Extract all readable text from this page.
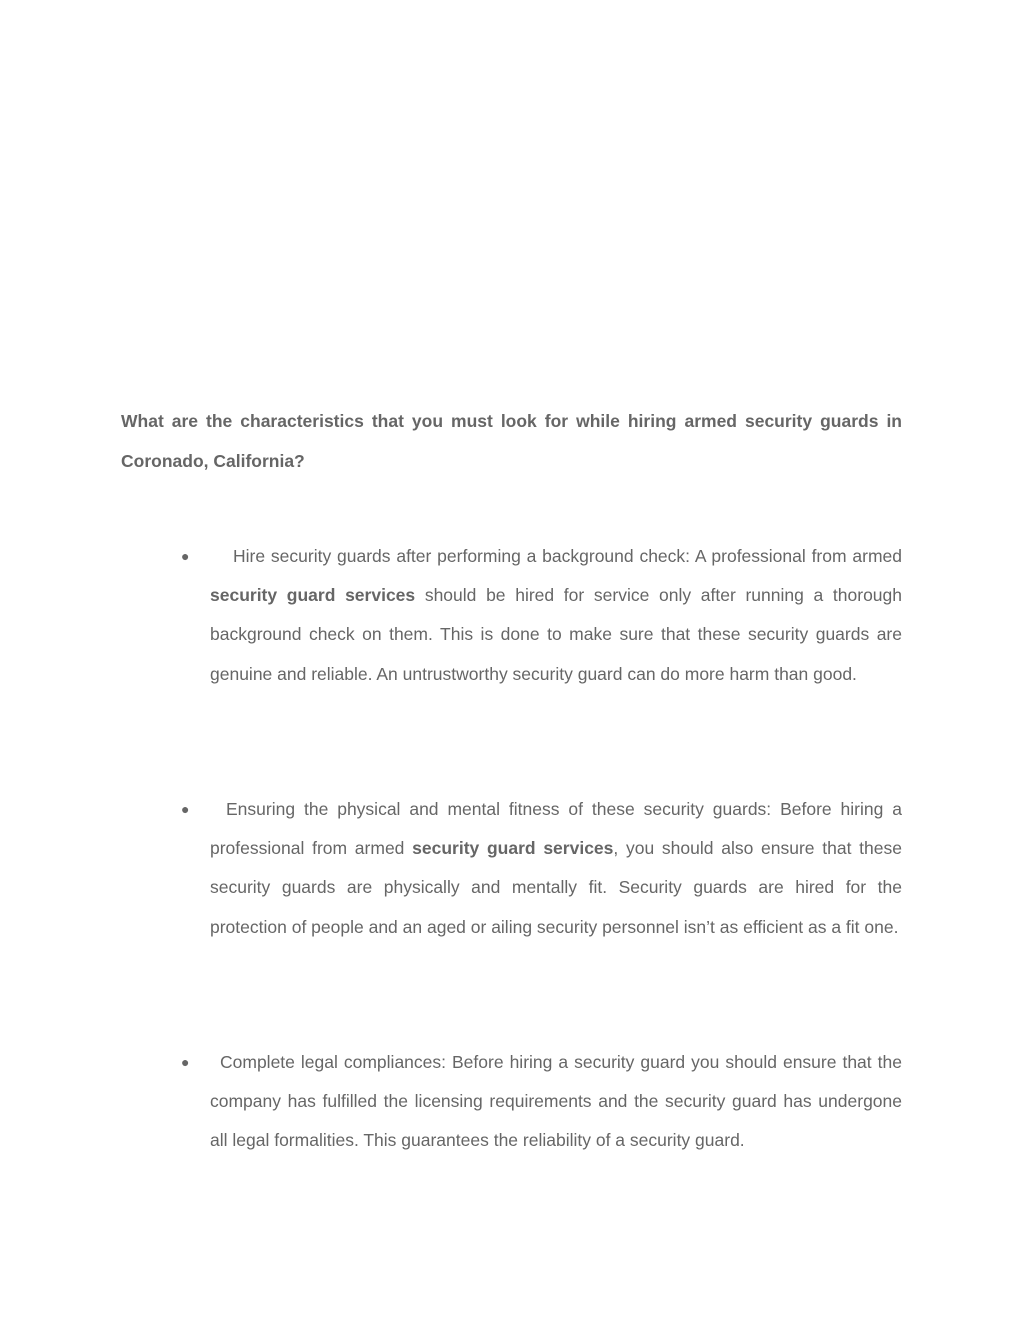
What are the characteristics that you must look for while hiring armed security guards in Coronado, California?
●	Hire security guards after performing a background check: A professional from armed security guard services should be hired for service only after running a thorough background check on them. This is done to make sure that these security guards are genuine and reliable. An untrustworthy security guard can do more harm than good.

●	Ensuring the physical and mental fitness of these security guards: Before hiring a professional from armed security guard services, you should also ensure that these security guards are physically and mentally fit. Security guards are hired for the protection of people and an aged or ailing security personnel isn’t as efficient as a fit one.

●	Complete legal compliances: Before hiring a security guard you should ensure that the company has fulfilled the licensing requirements and the security guard has undergone all legal formalities. This guarantees the reliability of a security guard.
